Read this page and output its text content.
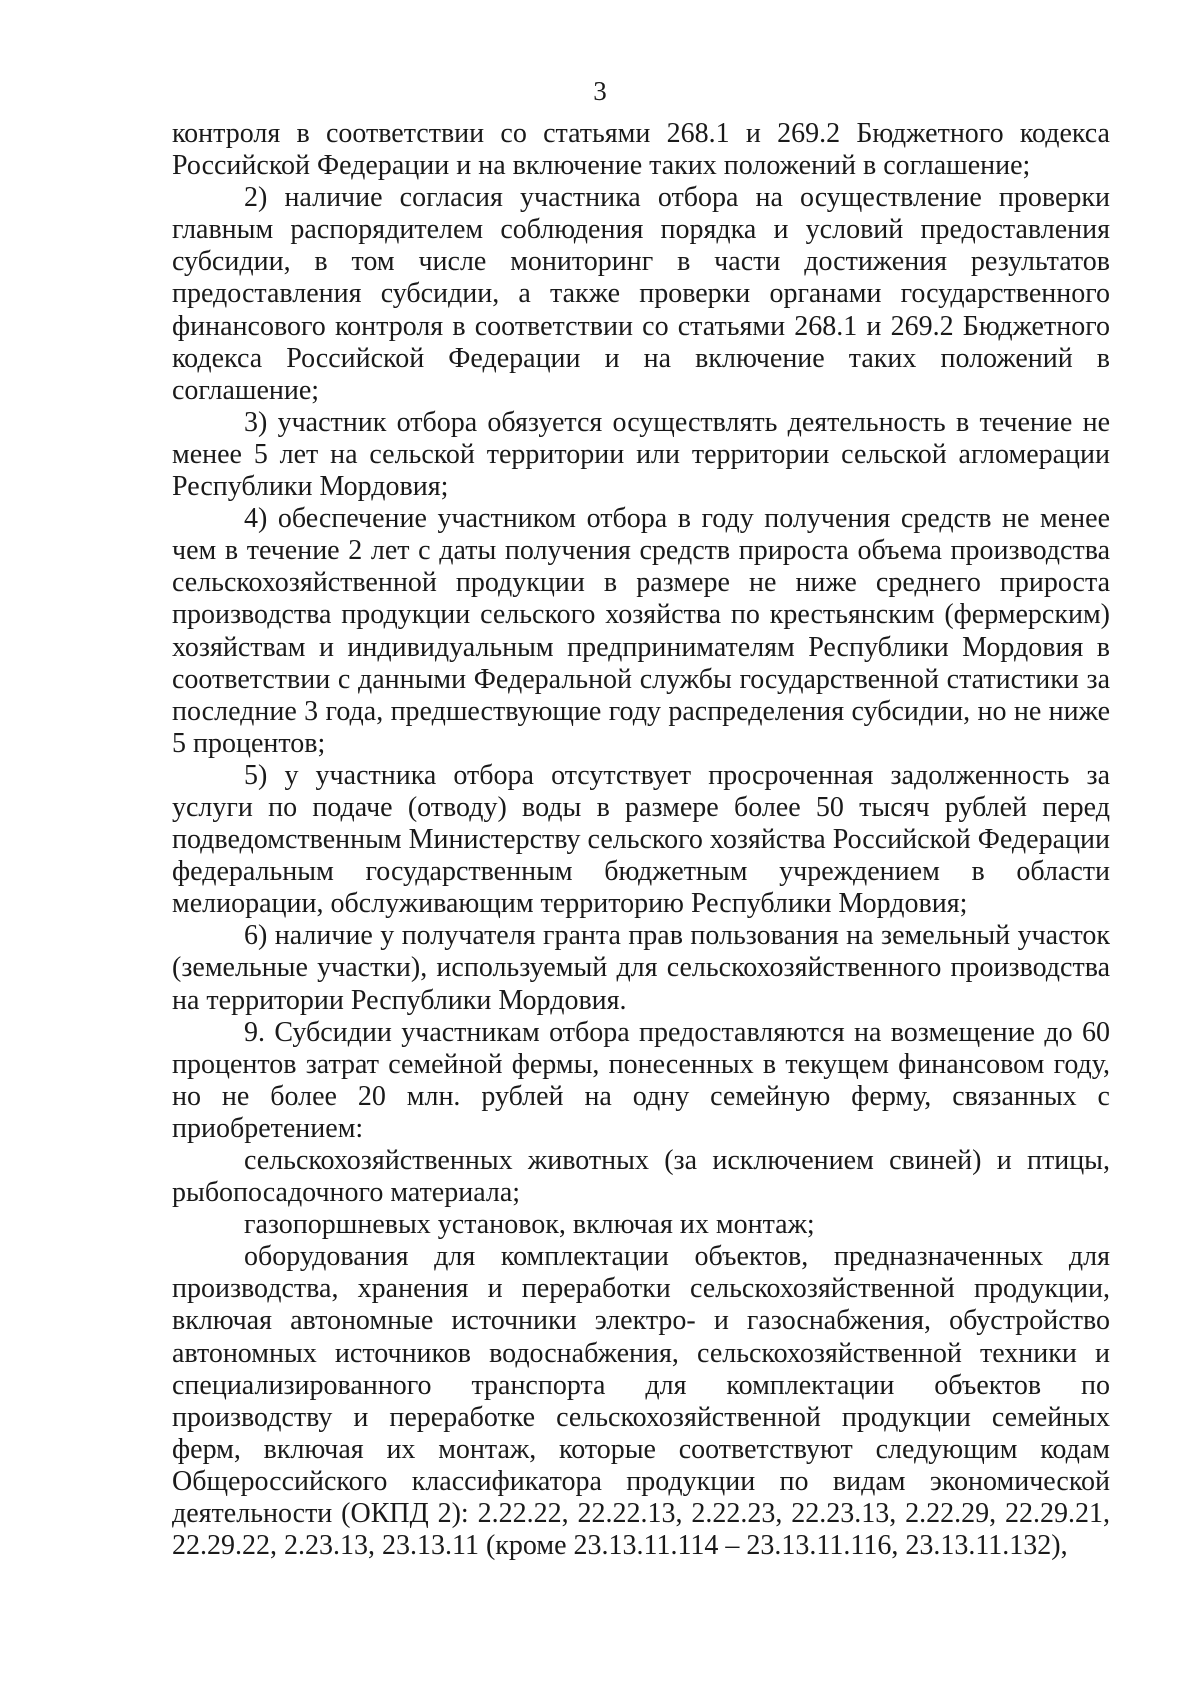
3

контроля в соответствии со статьями 268.1 и 269.2 Бюджетного кодекса Российской Федерации и на включение таких положений в соглашение;

2) наличие согласия участника отбора на осуществление проверки главным распорядителем соблюдения порядка и условий предоставления субсидии, в том числе мониторинг в части достижения результатов предоставления субсидии, а также проверки органами государственного финансового контроля в соответствии со статьями 268.1 и 269.2 Бюджетного кодекса Российской Федерации и на включение таких положений в соглашение;

3) участник отбора обязуется осуществлять деятельность в течение не менее 5 лет на сельской территории или территории сельской агломерации Республики Мордовия;

4) обеспечение участником отбора в году получения средств не менее чем в течение 2 лет с даты получения средств прироста объема производства сельскохозяйственной продукции в размере не ниже среднего прироста производства продукции сельского хозяйства по крестьянским (фермерским) хозяйствам и индивидуальным предпринимателям Республики Мордовия в соответствии с данными Федеральной службы государственной статистики за последние 3 года, предшествующие году распределения субсидии, но не ниже 5 процентов;

5) у участника отбора отсутствует просроченная задолженность за услуги по подаче (отводу) воды в размере более 50 тысяч рублей перед подведомственным Министерству сельского хозяйства Российской Федерации федеральным государственным бюджетным учреждением в области мелиорации, обслуживающим территорию Республики Мордовия;

6) наличие у получателя гранта прав пользования на земельный участок (земельные участки), используемый для сельскохозяйственного производства на территории Республики Мордовия.

9. Субсидии участникам отбора предоставляются на возмещение до 60 процентов затрат семейной фермы, понесенных в текущем финансовом году, но не более 20 млн. рублей на одну семейную ферму, связанных с приобретением:

сельскохозяйственных животных (за исключением свиней) и птицы, рыбопосадочного материала;

газопоршневых установок, включая их монтаж;

оборудования для комплектации объектов, предназначенных для производства, хранения и переработки сельскохозяйственной продукции, включая автономные источники электро- и газоснабжения, обустройство автономных источников водоснабжения, сельскохозяйственной техники и специализированного транспорта для комплектации объектов по производству и переработке сельскохозяйственной продукции семейных ферм, включая их монтаж, которые соответствуют следующим кодам Общероссийского классификатора продукции по видам экономической деятельности (ОКПД 2): 2.22.22, 22.22.13, 2.22.23, 22.23.13, 2.22.29, 22.29.21, 22.29.22, 2.23.13, 23.13.11 (кроме 23.13.11.114 – 23.13.11.116, 23.13.11.132),
